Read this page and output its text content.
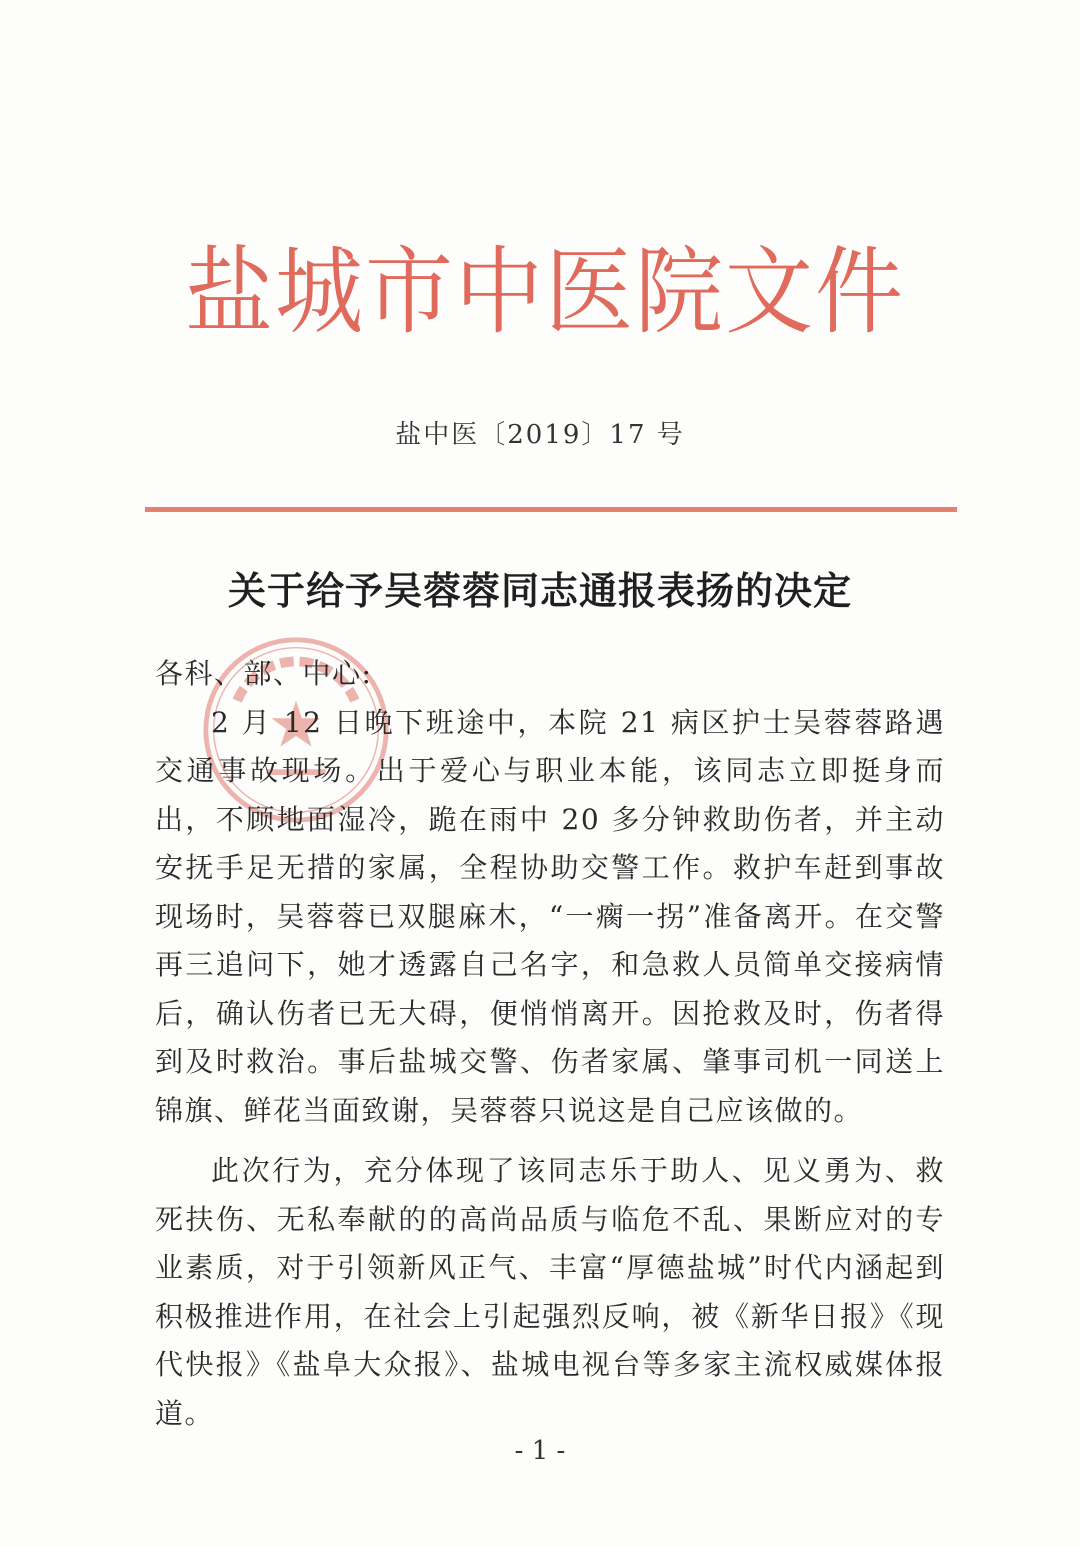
盐城市中医院文件
盐中医〔2019〕17 号
关于给予吴蓉蓉同志通报表扬的决定

各科、部、中心:

2 月 12 日晚下班途中，本院 21 病区护士吴蓉蓉路遇交通事故现场。出于爱心与职业本能，该同志立即挺身而出，不顾地面湿冷，跪在雨中 20 多分钟救助伤者，并主动安抚手足无措的家属，全程协助交警工作。救护车赶到事故现场时，吴蓉蓉已双腿麻木，“一瘸一拐”准备离开。在交警再三追问下，她才透露自己名字，和急救人员简单交接病情后，确认伤者已无大碍，便悄悄离开。因抢救及时，伤者得到及时救治。事后盐城交警、伤者家属、肇事司机一同送上锦旗、鲜花当面致谢，吴蓉蓉只说这是自己应该做的。

此次行为，充分体现了该同志乐于助人、见义勇为、救死扶伤、无私奉献的的高尚品质与临危不乱、果断应对的专业素质，对于引领新风正气、丰富“厚德盐城”时代内涵起到积极推进作用，在社会上引起强烈反响，被《新华日报》《现代快报》《盐阜大众报》、盐城电视台等多家主流权威媒体报道。

- 1 -
